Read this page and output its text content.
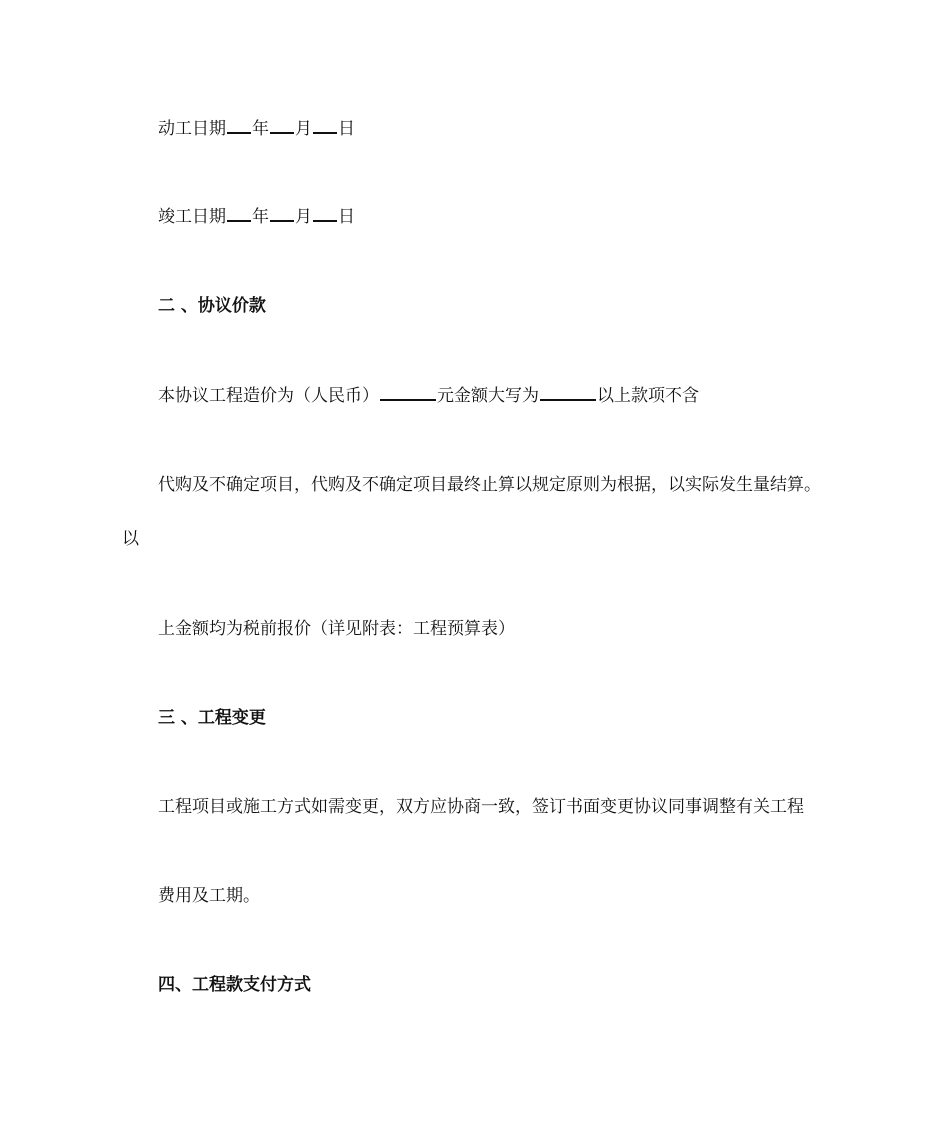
动工日期 年 月 日
竣工日期 年 月 日
二 、协议价款
本协议工程造价为（人民币）	元金额大写为	以上款项不含
代购及不确定项目，代购及不确定项目最终止算以规定原则为根据，以实际发生量结算。
以
上金额均为税前报价（详见附表：工程预算表）
三 、工程变更
工程项目或施工方式如需变更，双方应协商一致，签订书面变更协议同事调整有关工程
费用及工期。
四、工程款支付方式
